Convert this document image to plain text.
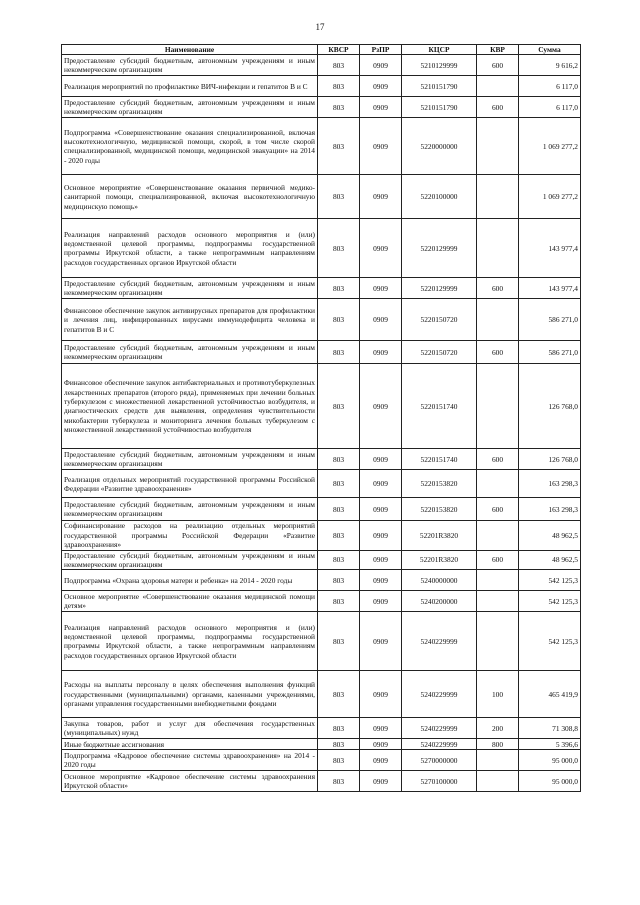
17
Наименование	КВСР	РзПР	КЦСР	КВР	Сумма
Предоставление субсидий бюджетным, автономным учреждениям и иным некоммерческим организациям	803	0909	5210129999	600	9 616,2
Реализация мероприятий по профилактике ВИЧ-инфекции и гепатитов В и С	803	0909	5210151790		6 117,0
Предоставление субсидий бюджетным, автономным учреждениям и иным некоммерческим организациям	803	0909	5210151790	600	6 117,0
Подпрограмма «Совершенствование оказания специализированной, включая высокотехнологичную, медицинской помощи, скорой, в том числе скорой специализированной, медицинской помощи, медицинской эвакуации» на 2014 - 2020 годы	803	0909	5220000000		1 069 277,2
Основное мероприятие «Совершенствование оказания первичной медико-санитарной помощи, специализированной, включая высокотехнологичную медицинскую помощь»	803	0909	5220100000		1 069 277,2
Реализация направлений расходов основного мероприятия и (или) ведомственной целевой программы, подпрограммы государственной программы Иркутской области, а также непрограммным направлениям расходов государственных органов Иркутской области	803	0909	5220129999		143 977,4
Предоставление субсидий бюджетным, автономным учреждениям и иным некоммерческим организациям	803	0909	5220129999	600	143 977,4
Финансовое обеспечение закупок антивирусных препаратов для профилактики и лечения лиц, инфицированных вирусами иммунодефицита человека и гепатитов В и С	803	0909	5220150720		586 271,0
Предоставление субсидий бюджетным, автономным учреждениям и иным некоммерческим организациям	803	0909	5220150720	600	586 271,0
Финансовое обеспечение закупок антибактериальных и противотуберкулезных лекарственных препаратов (второго ряда), применяемых при лечении больных туберкулезом с множественной лекарственной устойчивостью возбудителя, и диагностических средств для выявления, определения чувствительности микобактерии туберкулеза и мониторинга лечения больных туберкулезом с множественной лекарственной устойчивостью возбудителя	803	0909	5220151740		126 768,0
Предоставление субсидий бюджетным, автономным учреждениям и иным некоммерческим организациям	803	0909	5220151740	600	126 768,0
Реализация отдельных мероприятий государственной программы Российской Федерации «Развитие здравоохранения»	803	0909	5220153820		163 298,3
Предоставление субсидий бюджетным, автономным учреждениям и иным некоммерческим организациям	803	0909	5220153820	600	163 298,3
Софинансирование расходов на реализацию отдельных мероприятий государственной программы Российской Федерации «Развитие здравоохранения»	803	0909	52201R3820		48 962,5
Предоставление субсидий бюджетным, автономным учреждениям и иным некоммерческим организациям	803	0909	52201R3820	600	48 962,5
Подпрограмма «Охрана здоровья матери и ребенка» на 2014 - 2020 годы	803	0909	5240000000		542 125,3
Основное мероприятие «Совершенствование оказания медицинской помощи детям»	803	0909	5240200000		542 125,3
Реализация направлений расходов основного мероприятия и (или) ведомственной целевой программы, подпрограммы государственной программы Иркутской области, а также непрограммным направлениям расходов государственных органов Иркутской области	803	0909	5240229999		542 125,3
Расходы на выплаты персоналу в целях обеспечения выполнения функций государственными (муниципальными) органами, казенными учреждениями, органами управления государственными внебюджетными фондами	803	0909	5240229999	100	465 419,9
Закупка товаров, работ и услуг для обеспечения государственных (муниципальных) нужд	803	0909	5240229999	200	71 308,8
Иные бюджетные ассигнования	803	0909	5240229999	800	5 396,6
Подпрограмма «Кадровое обеспечение системы здравоохранения» на 2014 - 2020 годы	803	0909	5270000000		95 000,0
Основное мероприятие «Кадровое обеспечение системы здравоохранения Иркутской области»	803	0909	5270100000		95 000,0
